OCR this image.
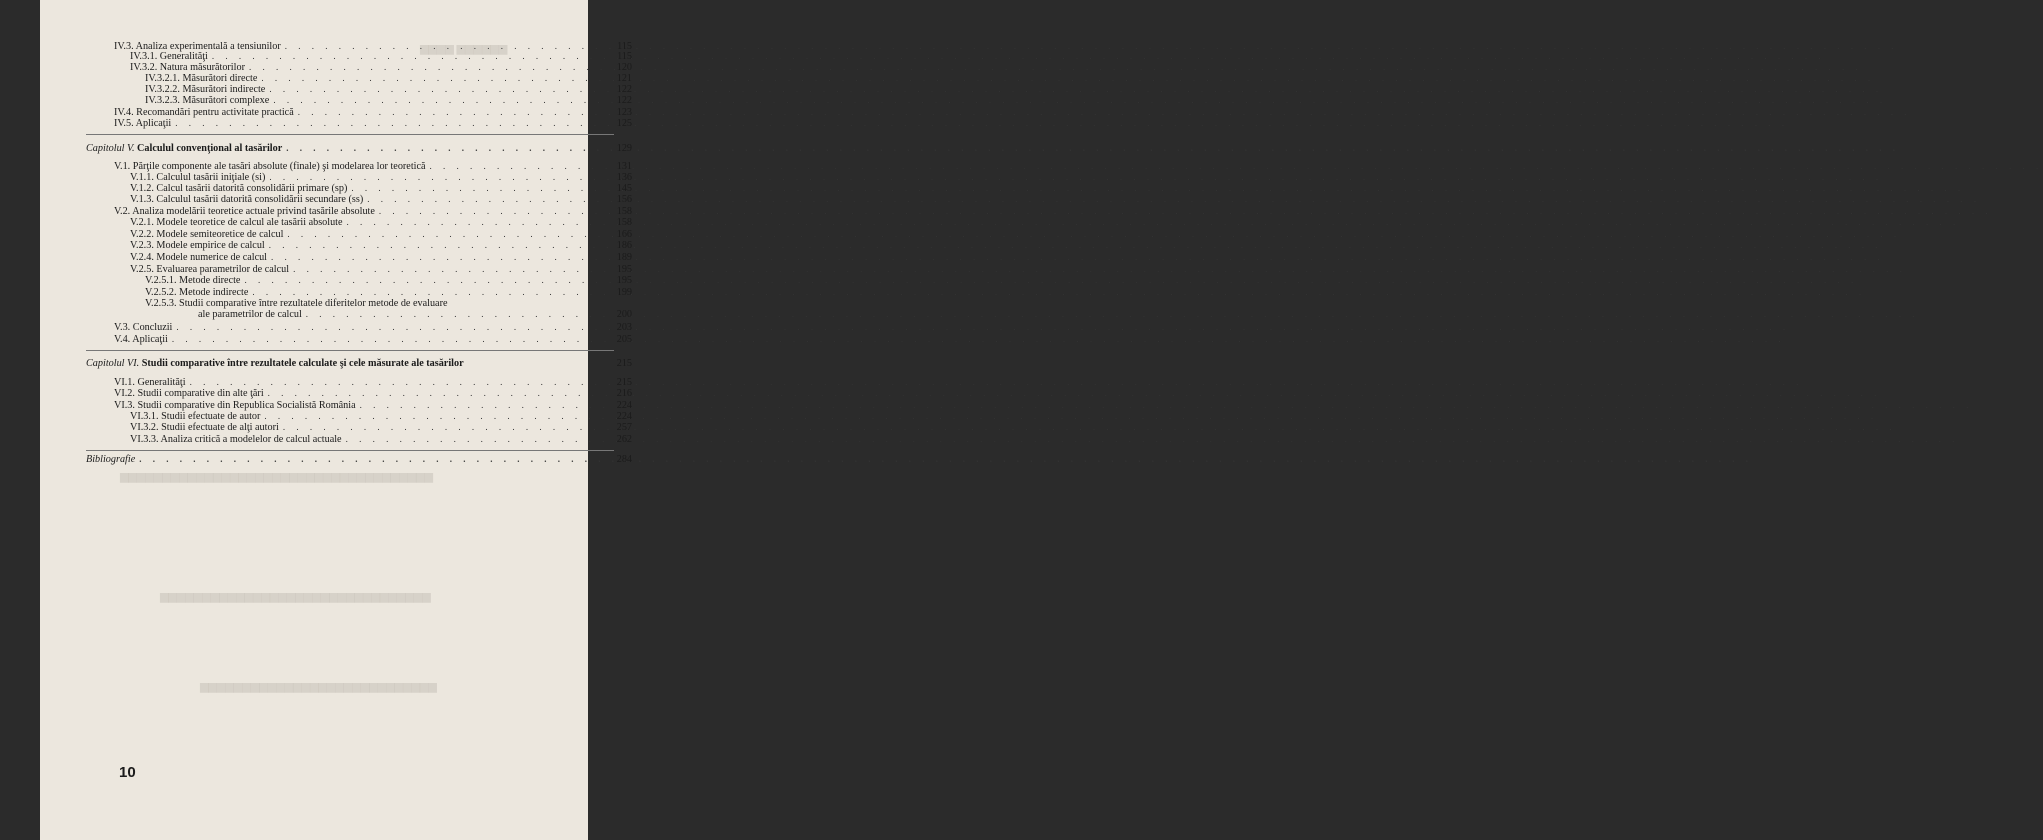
▆▆▆▆▆▆ ▆▆▆▆
▆▆▆▆▆▆▆▆▆▆▆▆▆▆▆▆▆▆▆▆▆▆▆▆▆▆▆▆▆▆▆▆▆▆▆▆▆
▆▆▆▆▆▆▆▆▆▆▆▆▆▆▆▆▆▆▆▆▆▆▆▆▆▆▆▆▆▆▆▆
▆▆▆▆▆▆▆▆▆▆▆▆▆▆▆▆▆▆▆▆▆▆▆▆▆▆▆▆
IV.3. Analiza experimentală a tensiunilor . . .	115
IV.3.1. Generalităţi . . .	115
IV.3.2. Natura măsurătorilor . . .	120
IV.3.2.1. Măsurători directe . . .	121
IV.3.2.2. Măsurători indirecte . . .	122
IV.3.2.3. Măsurători complexe . . .	122
IV.4. Recomandări pentru activitate practică . . .	123
IV.5. Aplicaţii . . .	125
Capitolul V. Calculul convenţional al tasărilor . . .	129
V.1. Părţile componente ale tasări absolute (finale) şi modelarea lor teoretică . . .	131
V.1.1. Calculul tasării iniţiale (si) . . .	136
V.1.2. Calcul tasării datorită consolidării primare (sp) . . .	145
V.1.3. Calculul tasării datorită consolidării secundare (ss) . . .	156
V.2. Analiza modelării teoretice actuale privind tasările absolute . . .	158
V.2.1. Modele teoretice de calcul ale tasării absolute . . .	158
V.2.2. Modele semiteoretice de calcul . . .	166
V.2.3. Modele empirice de calcul . . .	186
V.2.4. Modele numerice de calcul . . .	189
V.2.5. Evaluarea parametrilor de calcul . . .	195
V.2.5.1. Metode directe . . .	195
V.2.5.2. Metode indirecte . . .	199
V.2.5.3. Studii comparative între rezultatele diferitelor metode de evaluare
ale parametrilor de calcul . . .	200
V.3. Concluzii . . .	203
V.4. Aplicaţii . . .	205
Capitolul VI. Studii comparative între rezultatele calculate şi cele măsurate ale tasărilor	215
VI.1. Generalităţi . . .	215
VI.2. Studii comparative din alte ţări . . .	216
VI.3. Studii comparative din Republica Socialistă România . . .	224
VI.3.1. Studii efectuate de autor . . .	224
VI.3.2. Studii efectuate de alţi autori . . .	257
VI.3.3. Analiza critică a modelelor de calcul actuale . . .	262
Bibliografie . . .	284
10
